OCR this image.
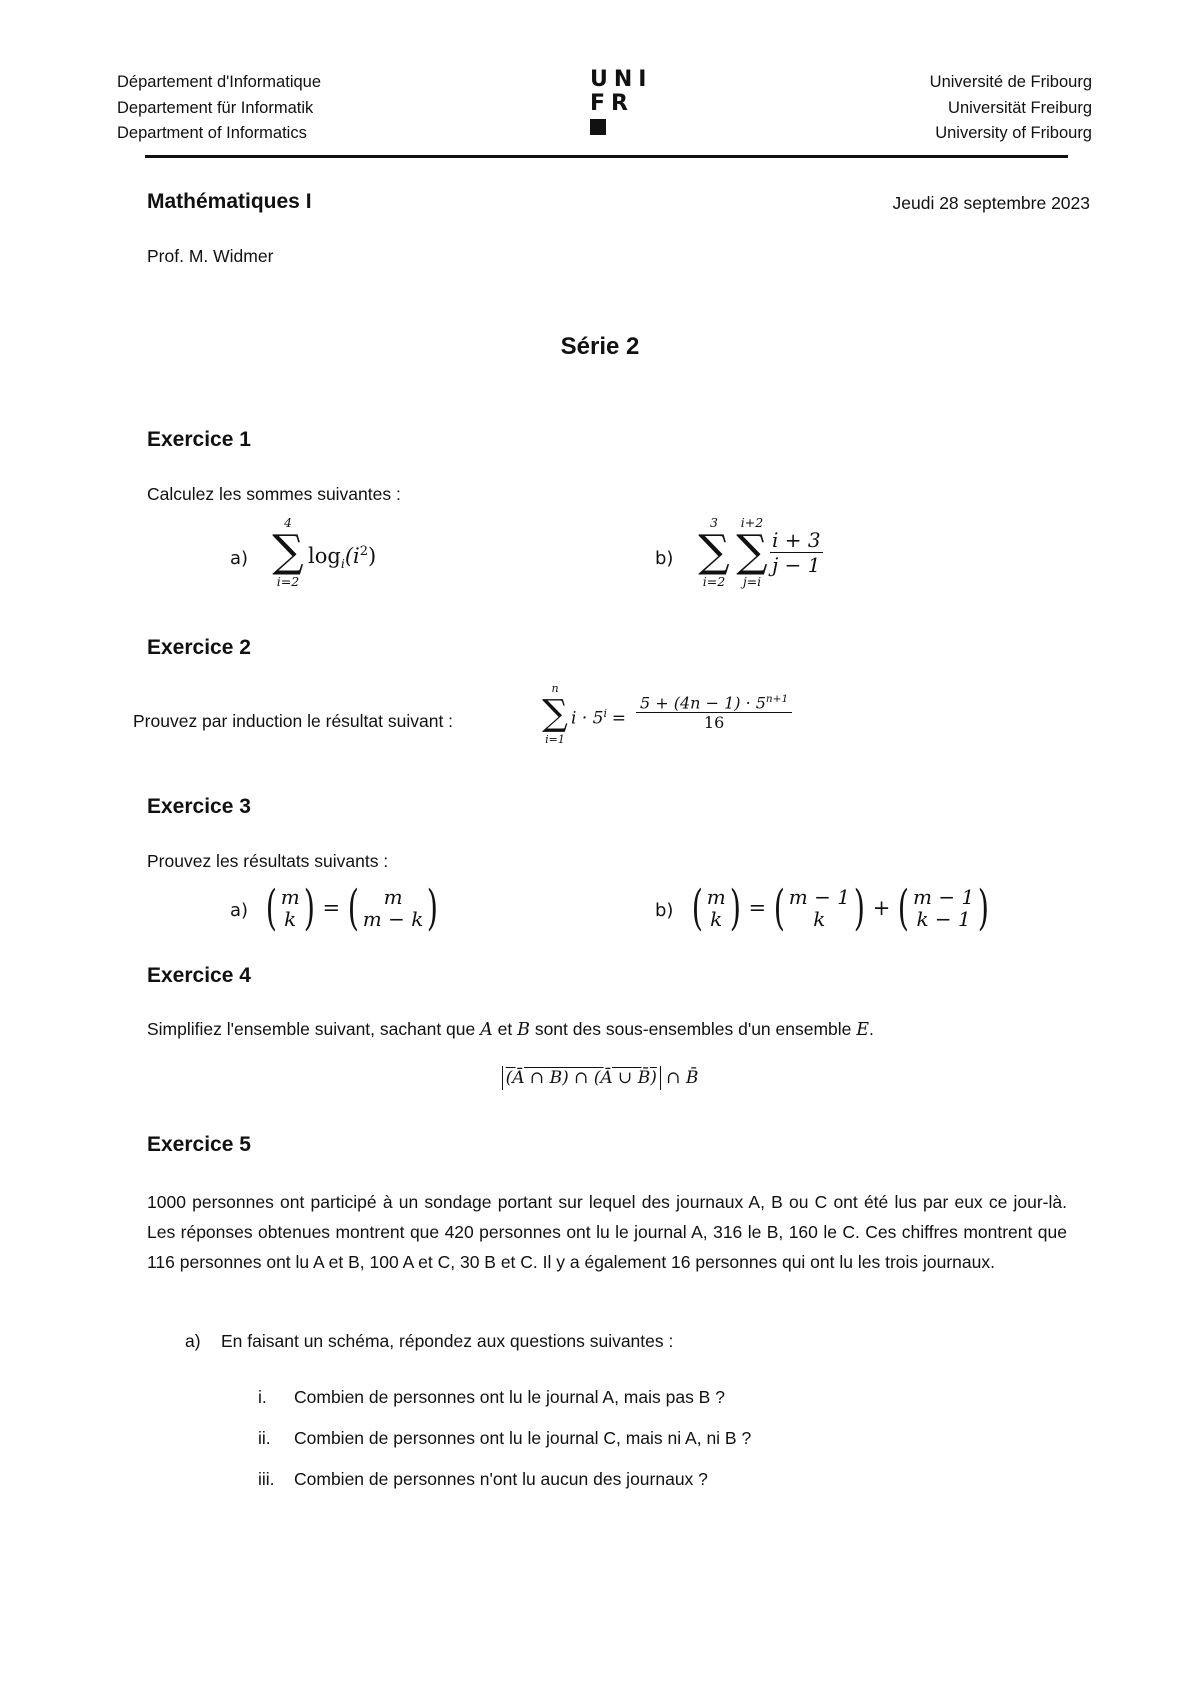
Département d'Informatique
Departement für Informatik
Department of Informatics
UNI
FR
Université de Fribourg
Universität Freiburg
University of Fribourg
Mathématiques I	Jeudi 28 septembre 2023
Prof. M. Widmer
Série 2
Exercice 1
Calculez les sommes suivantes :
a)
4
∑
i=2
$\log_i(i^2)$	b)
3
∑
i=2
i+2
∑
j=i
$\frac{i + 3}{j - 1}$
Exercice 2
Prouvez par induction le résultat suivant :
n
∑
i=1
$i \cdot 5^i = \frac{5 + (4n - 1) \cdot 5^{n+1}}{16}$
Exercice 3
Prouvez les résultats suivants :
a) ( m
k ) = ( m
m − k )	b) ( m
k ) = ( m − 1
k ) + ( m − 1
k − 1 )
Exercice 4
Simplifiez l'ensemble suivant, sachant que A et B sont des sous-ensembles d'un ensemble E.
(Ā ∩ B) ∩ (Ā ∪ B̄) ∩ B̄
Exercice 5
1000 personnes ont participé à un sondage portant sur lequel des journaux A, B ou C ont été lus par eux ce jour-là. Les réponses obtenues montrent que 420 personnes ont lu le journal A, 316 le B, 160 le C. Ces chiffres montrent que 116 personnes ont lu A et B, 100 A et C, 30 B et C. Il y a également 16 personnes qui ont lu les trois journaux.
a) En faisant un schéma, répondez aux questions suivantes :
i. Combien de personnes ont lu le journal A, mais pas B ?
ii. Combien de personnes ont lu le journal C, mais ni A, ni B ?
iii. Combien de personnes n'ont lu aucun des journaux ?
